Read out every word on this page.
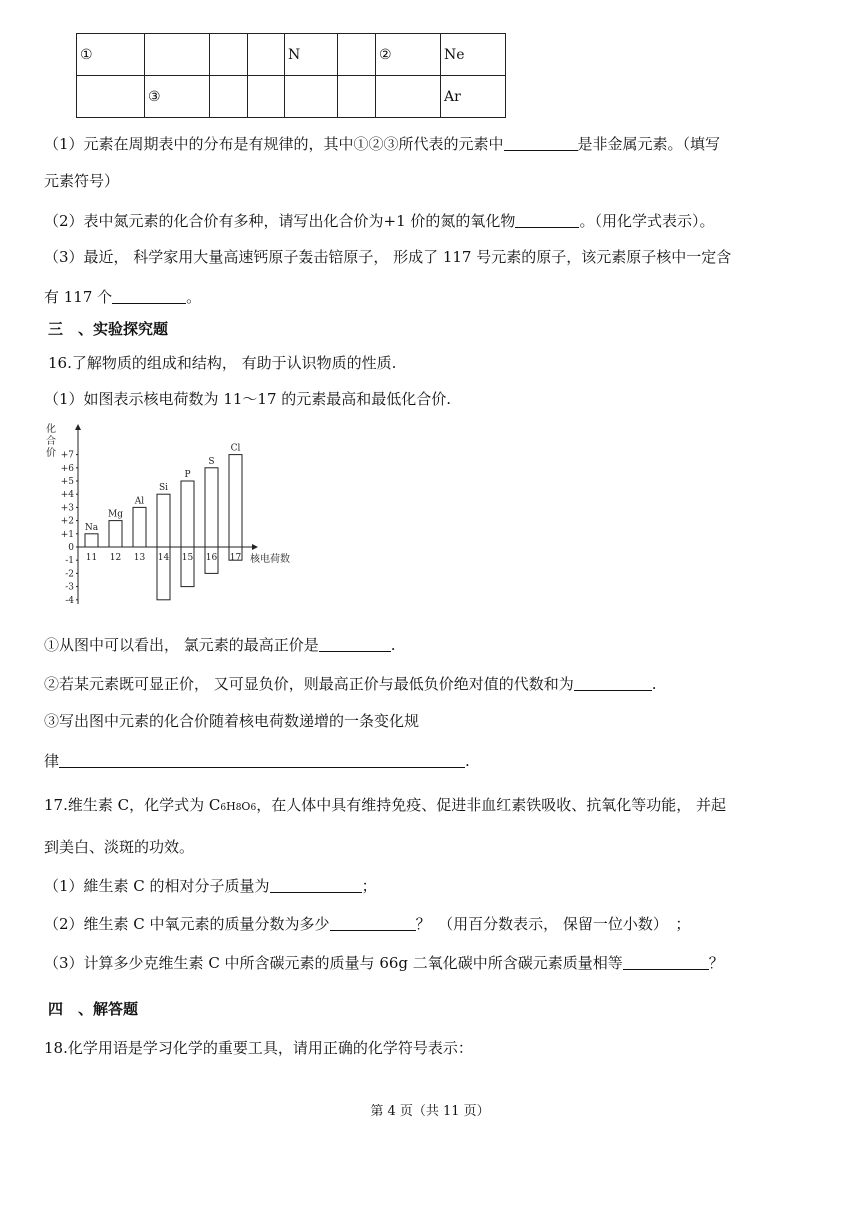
①				N		②	Ne
	③						Ar
（1）元素在周期表中的分布是有规律的，其中①②③所代表的元素中	是非金属元素。（填写
元素符号）
（2）表中氮元素的化合价有多种，请写出化合价为+1 价的氮的氧化物	。（用化学式表示）。
（3）最近， 科学家用大量高速钙原子轰击锫原子， 形成了 117 号元素的原子，该元素原子核中一定含
有 117 个	。
三　、实验探究题
16.了解物质的组成和结构， 有助于认识物质的性质.
（1）如图表示核电荷数为 11～17 的元素最高和最低化合价.
化合价 +7
+6
+5
+4
+3
+2
+1
0
-1
-2
-3
-4
11 12 13 14 15 16 17
Na
Mg
Al
Si
P
S
Cl
核电荷数
①从图中可以看出， 氯元素的最高正价是	.
②若某元素既可显正价， 又可显负价，则最高正价与最低负价绝对值的代数和为	.
③写出图中元素的化合价随着核电荷数递增的一条变化规
律	.
17.维生素 C，化学式为 C6H8O6，在人体中具有维持免疫、促进非血红素铁吸收、抗氧化等功能， 并起
到美白、淡斑的功效。
（1）維生素 C 的相对分子质量为	；
（2）维生素 C 中氧元素的质量分数为多少	？　（用百分数表示， 保留一位小数）　；
（3）计算多少克维生素 C 中所含碳元素的质量与 66g 二氧化碳中所含碳元素质量相等	？
四　、解答题
18.化学用语是学习化学的重要工具，请用正确的化学符号表示：
第 4 页（共 11 页）
